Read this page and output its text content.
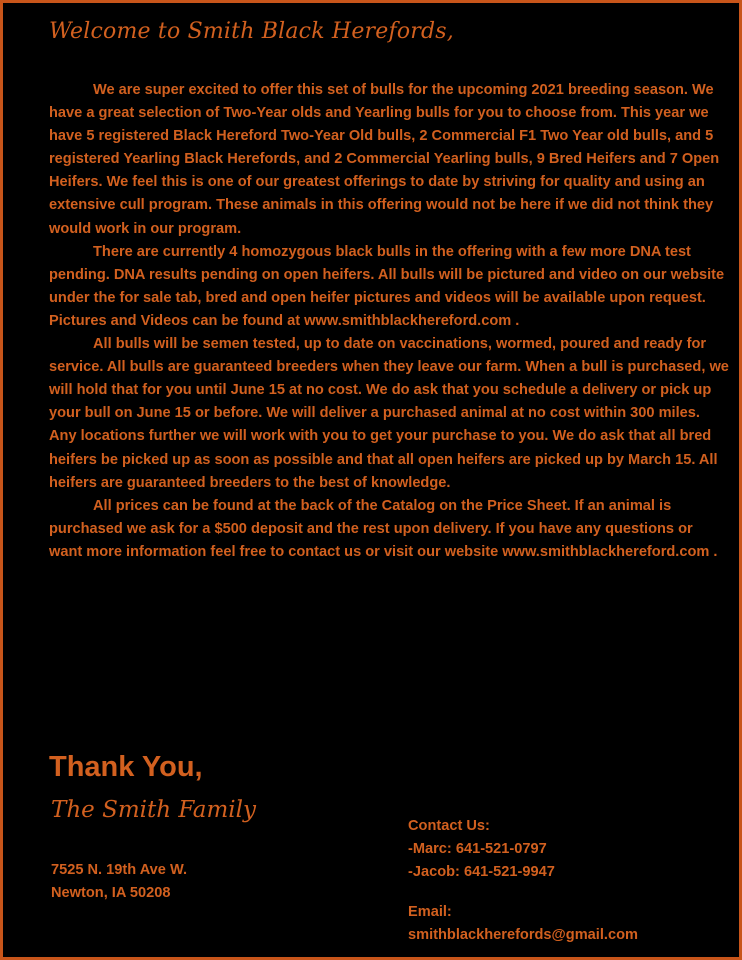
Welcome to Smith Black Herefords,

We are super excited to offer this set of bulls for the upcoming 2021 breeding season. We have a great selection of Two-Year olds and Yearling bulls for you to choose from. This year we have 5 registered Black Hereford Two-Year Old bulls, 2 Commercial F1 Two Year old bulls, and 5 registered Yearling Black Herefords, and 2 Commercial Yearling bulls, 9 Bred Heifers and 7 Open Heifers. We feel this is one of our greatest offerings to date by striving for quality and using an extensive cull program. These animals in this offering would not be here if we did not think they would work in our program.

There are currently 4 homozygous black bulls in the offering with a few more DNA test pending. DNA results pending on open heifers. All bulls will be pictured and video on our website under the for sale tab, bred and open heifer pictures and videos will be available upon request. Pictures and Videos can be found at www.smithblackhereford.com .

All bulls will be semen tested, up to date on vaccinations, wormed, poured and ready for service. All bulls are guaranteed breeders when they leave our farm. When a bull is purchased, we will hold that for you until June 15 at no cost. We do ask that you schedule a delivery or pick up your bull on June 15 or before. We will deliver a purchased animal at no cost within 300 miles. Any locations further we will work with you to get your purchase to you. We do ask that all bred heifers be picked up as soon as possible and that all open heifers are picked up by March 15. All heifers are guaranteed breeders to the best of knowledge.

All prices can be found at the back of the Catalog on the Price Sheet. If an animal is purchased we ask for a $500 deposit and the rest upon delivery. If you have any questions or want more information feel free to contact us or visit our website www.smithblackhereford.com .

Thank You,
The Smith Family
7525 N. 19th Ave W.
Newton, IA 50208
Contact Us:
-Marc: 641-521-0797
-Jacob: 641-521-9947
Email:
smithblackherefords@gmail.com
